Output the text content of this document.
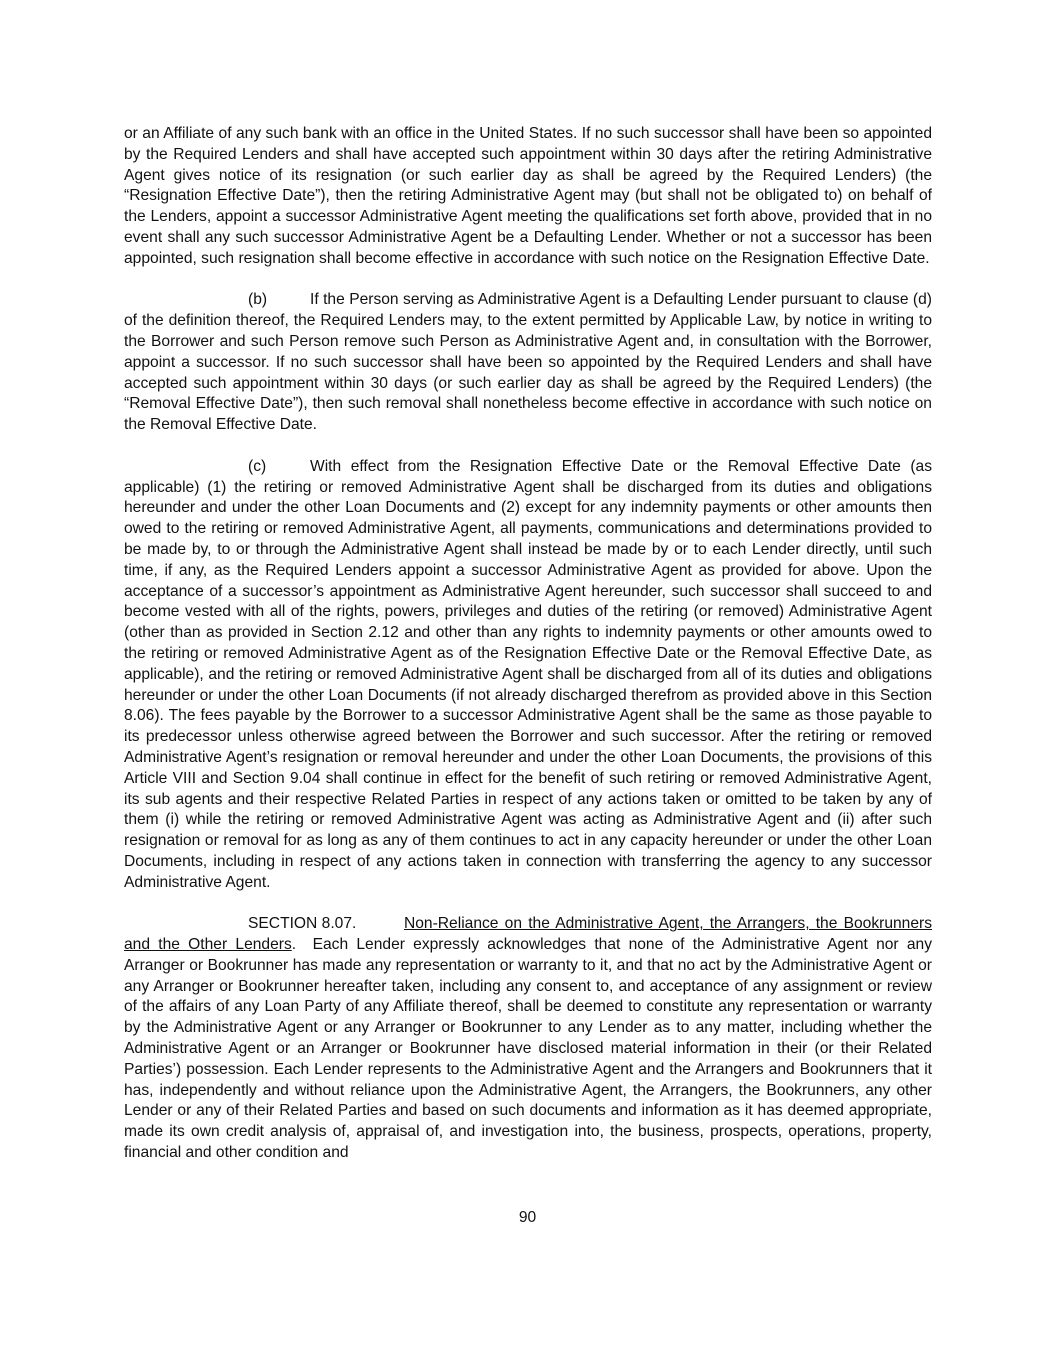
or an Affiliate of any such bank with an office in the United States. If no such successor shall have been so appointed by the Required Lenders and shall have accepted such appointment within 30 days after the retiring Administrative Agent gives notice of its resignation (or such earlier day as shall be agreed by the Required Lenders) (the “Resignation Effective Date”), then the retiring Administrative Agent may (but shall not be obligated to) on behalf of the Lenders, appoint a successor Administrative Agent meeting the qualifications set forth above, provided that in no event shall any such successor Administrative Agent be a Defaulting Lender. Whether or not a successor has been appointed, such resignation shall become effective in accordance with such notice on the Resignation Effective Date.

(b)	If the Person serving as Administrative Agent is a Defaulting Lender pursuant to clause (d) of the definition thereof, the Required Lenders may, to the extent permitted by Applicable Law, by notice in writing to the Borrower and such Person remove such Person as Administrative Agent and, in consultation with the Borrower, appoint a successor. If no such successor shall have been so appointed by the Required Lenders and shall have accepted such appointment within 30 days (or such earlier day as shall be agreed by the Required Lenders) (the “Removal Effective Date”), then such removal shall nonetheless become effective in accordance with such notice on the Removal Effective Date.

(c)	With effect from the Resignation Effective Date or the Removal Effective Date (as applicable) (1) the retiring or removed Administrative Agent shall be discharged from its duties and obligations hereunder and under the other Loan Documents and (2) except for any indemnity payments or other amounts then owed to the retiring or removed Administrative Agent, all payments, communications and determinations provided to be made by, to or through the Administrative Agent shall instead be made by or to each Lender directly, until such time, if any, as the Required Lenders appoint a successor Administrative Agent as provided for above. Upon the acceptance of a successor’s appointment as Administrative Agent hereunder, such successor shall succeed to and become vested with all of the rights, powers, privileges and duties of the retiring (or removed) Administrative Agent (other than as provided in Section 2.12 and other than any rights to indemnity payments or other amounts owed to the retiring or removed Administrative Agent as of the Resignation Effective Date or the Removal Effective Date, as applicable), and the retiring or removed Administrative Agent shall be discharged from all of its duties and obligations hereunder or under the other Loan Documents (if not already discharged therefrom as provided above in this Section 8.06). The fees payable by the Borrower to a successor Administrative Agent shall be the same as those payable to its predecessor unless otherwise agreed between the Borrower and such successor. After the retiring or removed Administrative Agent’s resignation or removal hereunder and under the other Loan Documents, the provisions of this Article VIII and Section 9.04 shall continue in effect for the benefit of such retiring or removed Administrative Agent, its sub agents and their respective Related Parties in respect of any actions taken or omitted to be taken by any of them (i) while the retiring or removed Administrative Agent was acting as Administrative Agent and (ii) after such resignation or removal for as long as any of them continues to act in any capacity hereunder or under the other Loan Documents, including in respect of any actions taken in connection with transferring the agency to any successor Administrative Agent.

SECTION 8.07.	Non-Reliance on the Administrative Agent, the Arrangers, the Bookrunners and the Other Lenders. Each Lender expressly acknowledges that none of the Administrative Agent nor any Arranger or Bookrunner has made any representation or warranty to it, and that no act by the Administrative Agent or any Arranger or Bookrunner hereafter taken, including any consent to, and acceptance of any assignment or review of the affairs of any Loan Party of any Affiliate thereof, shall be deemed to constitute any representation or warranty by the Administrative Agent or any Arranger or Bookrunner to any Lender as to any matter, including whether the Administrative Agent or an Arranger or Bookrunner have disclosed material information in their (or their Related Parties’) possession. Each Lender represents to the Administrative Agent and the Arrangers and Bookrunners that it has, independently and without reliance upon the Administrative Agent, the Arrangers, the Bookrunners, any other Lender or any of their Related Parties and based on such documents and information as it has deemed appropriate, made its own credit analysis of, appraisal of, and investigation into, the business, prospects, operations, property, financial and other condition and

90
